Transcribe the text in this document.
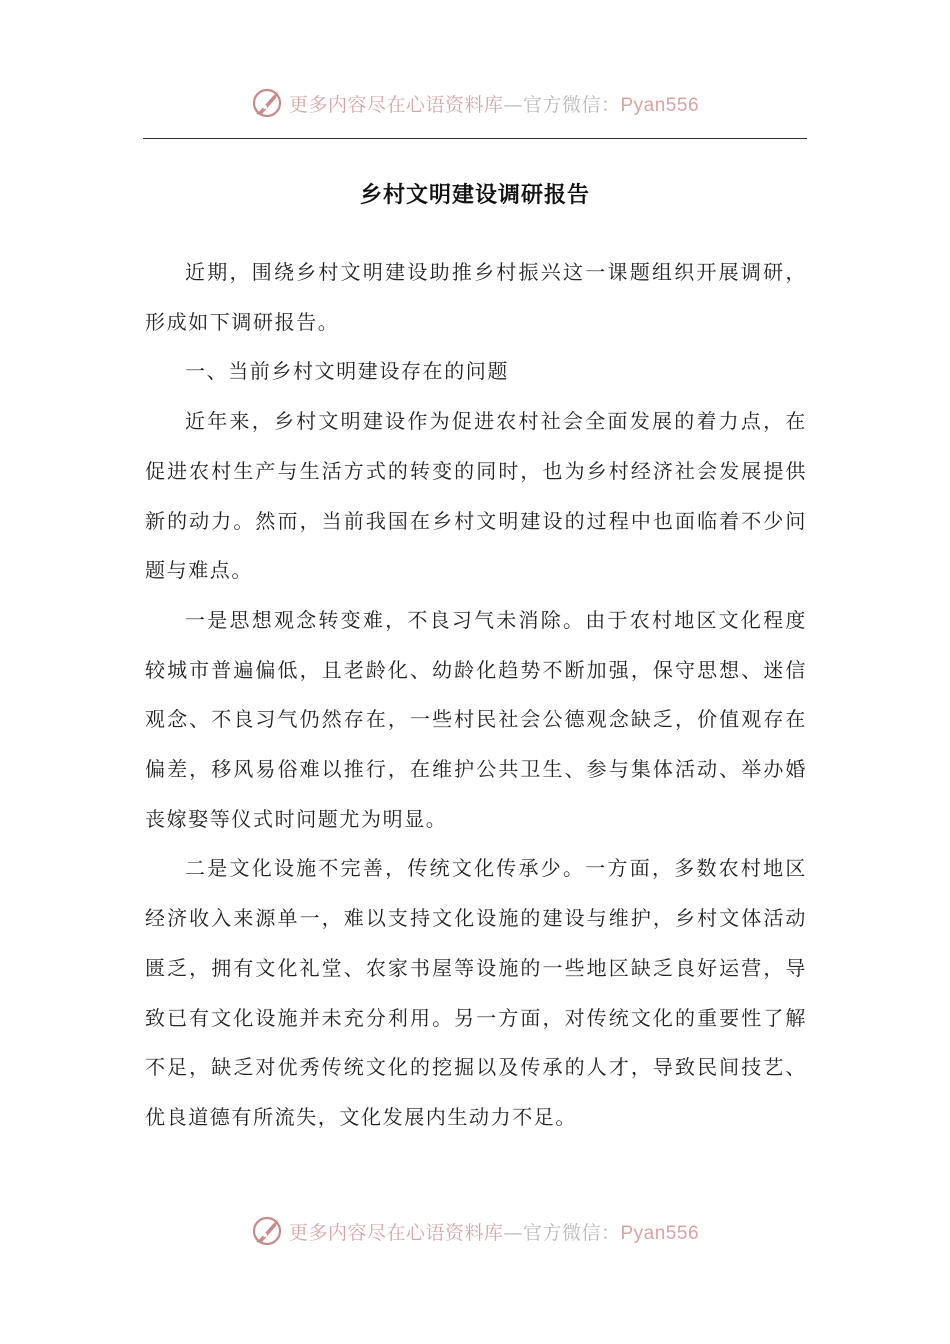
更多内容尽在心语资料库—官方微信：Pyan556
乡村文明建设调研报告

近期，围绕乡村文明建设助推乡村振兴这一课题组织开展调研，形成如下调研报告。

一、当前乡村文明建设存在的问题

近年来，乡村文明建设作为促进农村社会全面发展的着力点，在促进农村生产与生活方式的转变的同时，也为乡村经济社会发展提供新的动力。然而，当前我国在乡村文明建设的过程中也面临着不少问题与难点。

一是思想观念转变难，不良习气未消除。由于农村地区文化程度较城市普遍偏低，且老龄化、幼龄化趋势不断加强，保守思想、迷信观念、不良习气仍然存在，一些村民社会公德观念缺乏，价值观存在偏差，移风易俗难以推行，在维护公共卫生、参与集体活动、举办婚丧嫁娶等仪式时问题尤为明显。

二是文化设施不完善，传统文化传承少。一方面，多数农村地区经济收入来源单一，难以支持文化设施的建设与维护，乡村文体活动匮乏，拥有文化礼堂、农家书屋等设施的一些地区缺乏良好运营，导致已有文化设施并未充分利用。另一方面，对传统文化的重要性了解不足，缺乏对优秀传统文化的挖掘以及传承的人才，导致民间技艺、优良道德有所流失，文化发展内生动力不足。

更多内容尽在心语资料库—官方微信：Pyan556
